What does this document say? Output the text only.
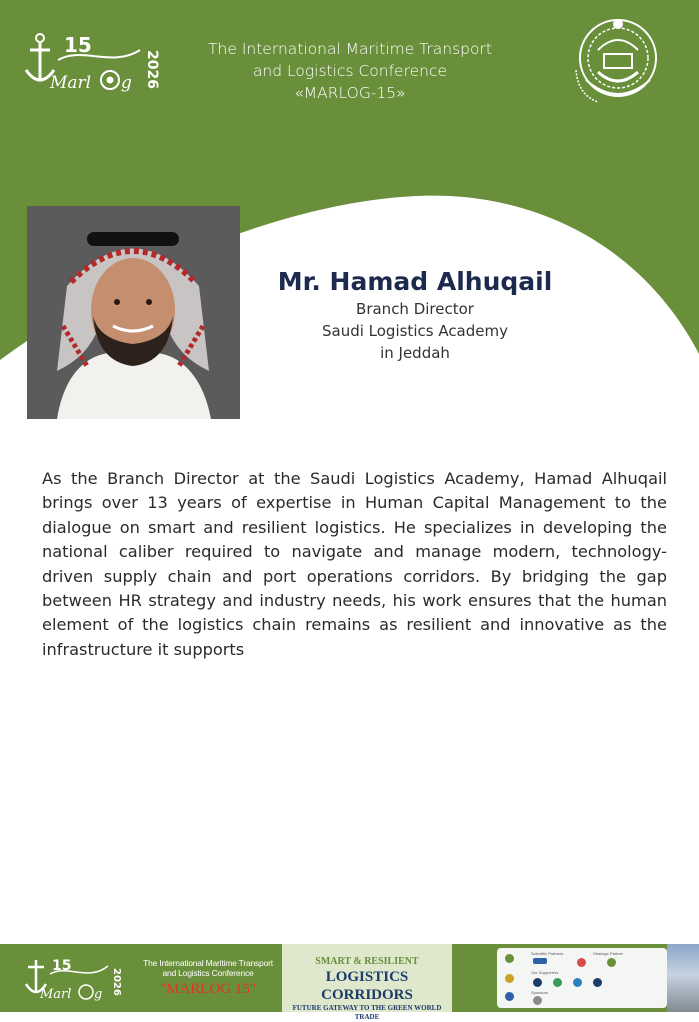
15
Marl g 2026
The International Maritime Transport
and Logistics Conference
«MARLOG-15»
Mr. Hamad Alhuqail
Branch Director
Saudi Logistics Academy
in Jeddah
As the Branch Director at the Saudi Logistics Academy, Hamad Alhuqail brings over 13 years of expertise in Human Capital Management to the dialogue on smart and resilient logistics. He specializes in developing the national caliber required to navigate and manage modern, technology-driven supply chain and port operations corridors. By bridging the gap between HR strategy and industry needs, his work ensures that the human element of the logistics chain remains as resilient and innovative as the infrastructure it supports
15
Marl g 2026
The International Maritime Transport
and Logistics Conference
"MARLOG 15"
SMART & RESILIENT
LOGISTICS CORRIDORS
FUTURE GATEWAY TO THE GREEN WORLD TRADE
Scientific Partners	Strategic Partner
Our Supporters
Sponsors
